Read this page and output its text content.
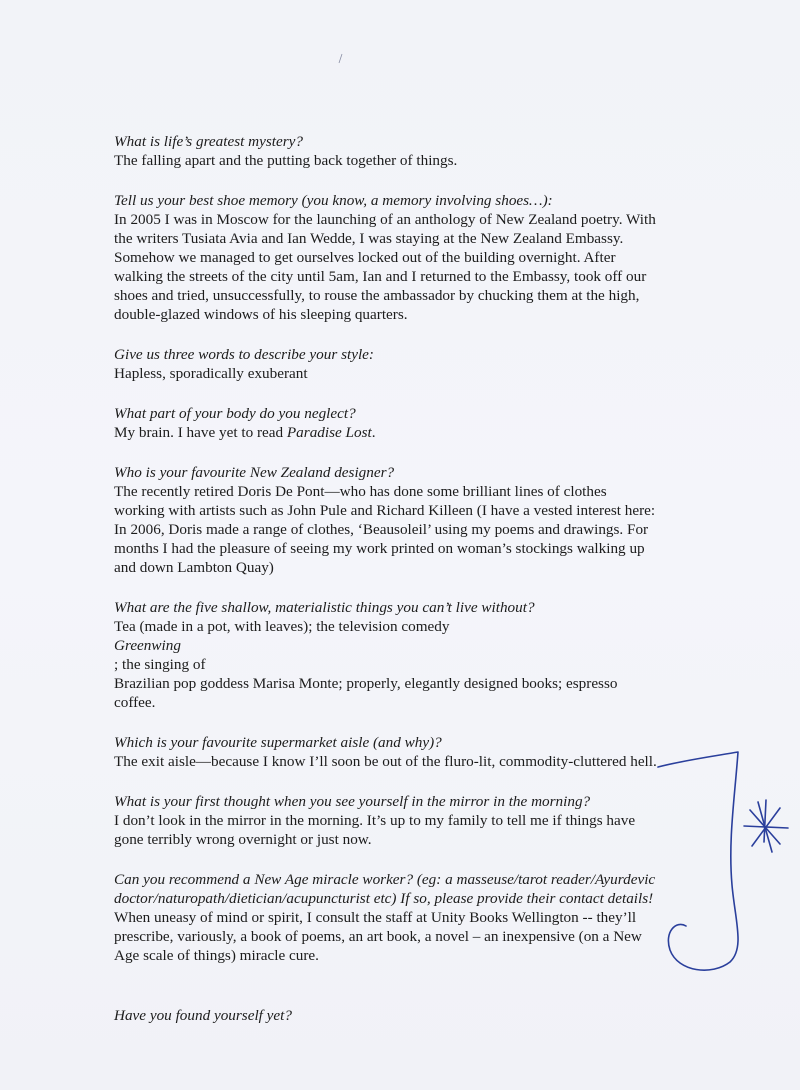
What is life’s greatest mystery?
The falling apart and the putting back together of things.
Tell us your best shoe memory (you know, a memory involving shoes…):
In 2005 I was in Moscow for the launching of an anthology of New Zealand poetry. With
the writers Tusiata Avia and Ian Wedde, I was staying at the New Zealand Embassy.
Somehow we managed to get ourselves locked out of the building overnight. After
walking the streets of the city until 5am, Ian and I returned to the Embassy, took off our
shoes and tried, unsuccessfully, to rouse the ambassador by chucking them at the high,
double-glazed windows of his sleeping quarters.
Give us three words to describe your style:
Hapless, sporadically exuberant
What part of your body do you neglect?
My brain. I have yet to read Paradise Lost.
Who is your favourite New Zealand designer?
The recently retired Doris De Pont—who has done some brilliant lines of clothes
working with artists such as John Pule and Richard Killeen (I have a vested interest here:
In 2006, Doris made a range of clothes, ‘Beausoleil’ using my poems and drawings. For
months I had the pleasure of seeing my work printed on woman’s stockings walking up
and down Lambton Quay)
What are the five shallow, materialistic things you can’t live without?
Tea (made in a pot, with leaves); the television comedy
Greenwing
; the singing of
Brazilian pop goddess Marisa Monte; properly, elegantly designed books; espresso
coffee.
Which is your favourite supermarket aisle (and why)?
The exit aisle—because I know I’ll soon be out of the fluro-lit, commodity-cluttered hell.
What is your first thought when you see yourself in the mirror in the morning?
I don’t look in the mirror in the morning. It’s up to my family to tell me if things have
gone terribly wrong overnight or just now.
Can you recommend a New Age miracle worker? (eg: a masseuse/tarot reader/Ayurdevic
doctor/naturopath/dietician/acupuncturist etc) If so, please provide their contact details!
When uneasy of mind or spirit, I consult the staff at Unity Books Wellington -- they’ll
prescribe, variously, a book of poems, an art book, a novel – an inexpensive (on a New
Age scale of things) miracle cure.
Have you found yourself yet?
